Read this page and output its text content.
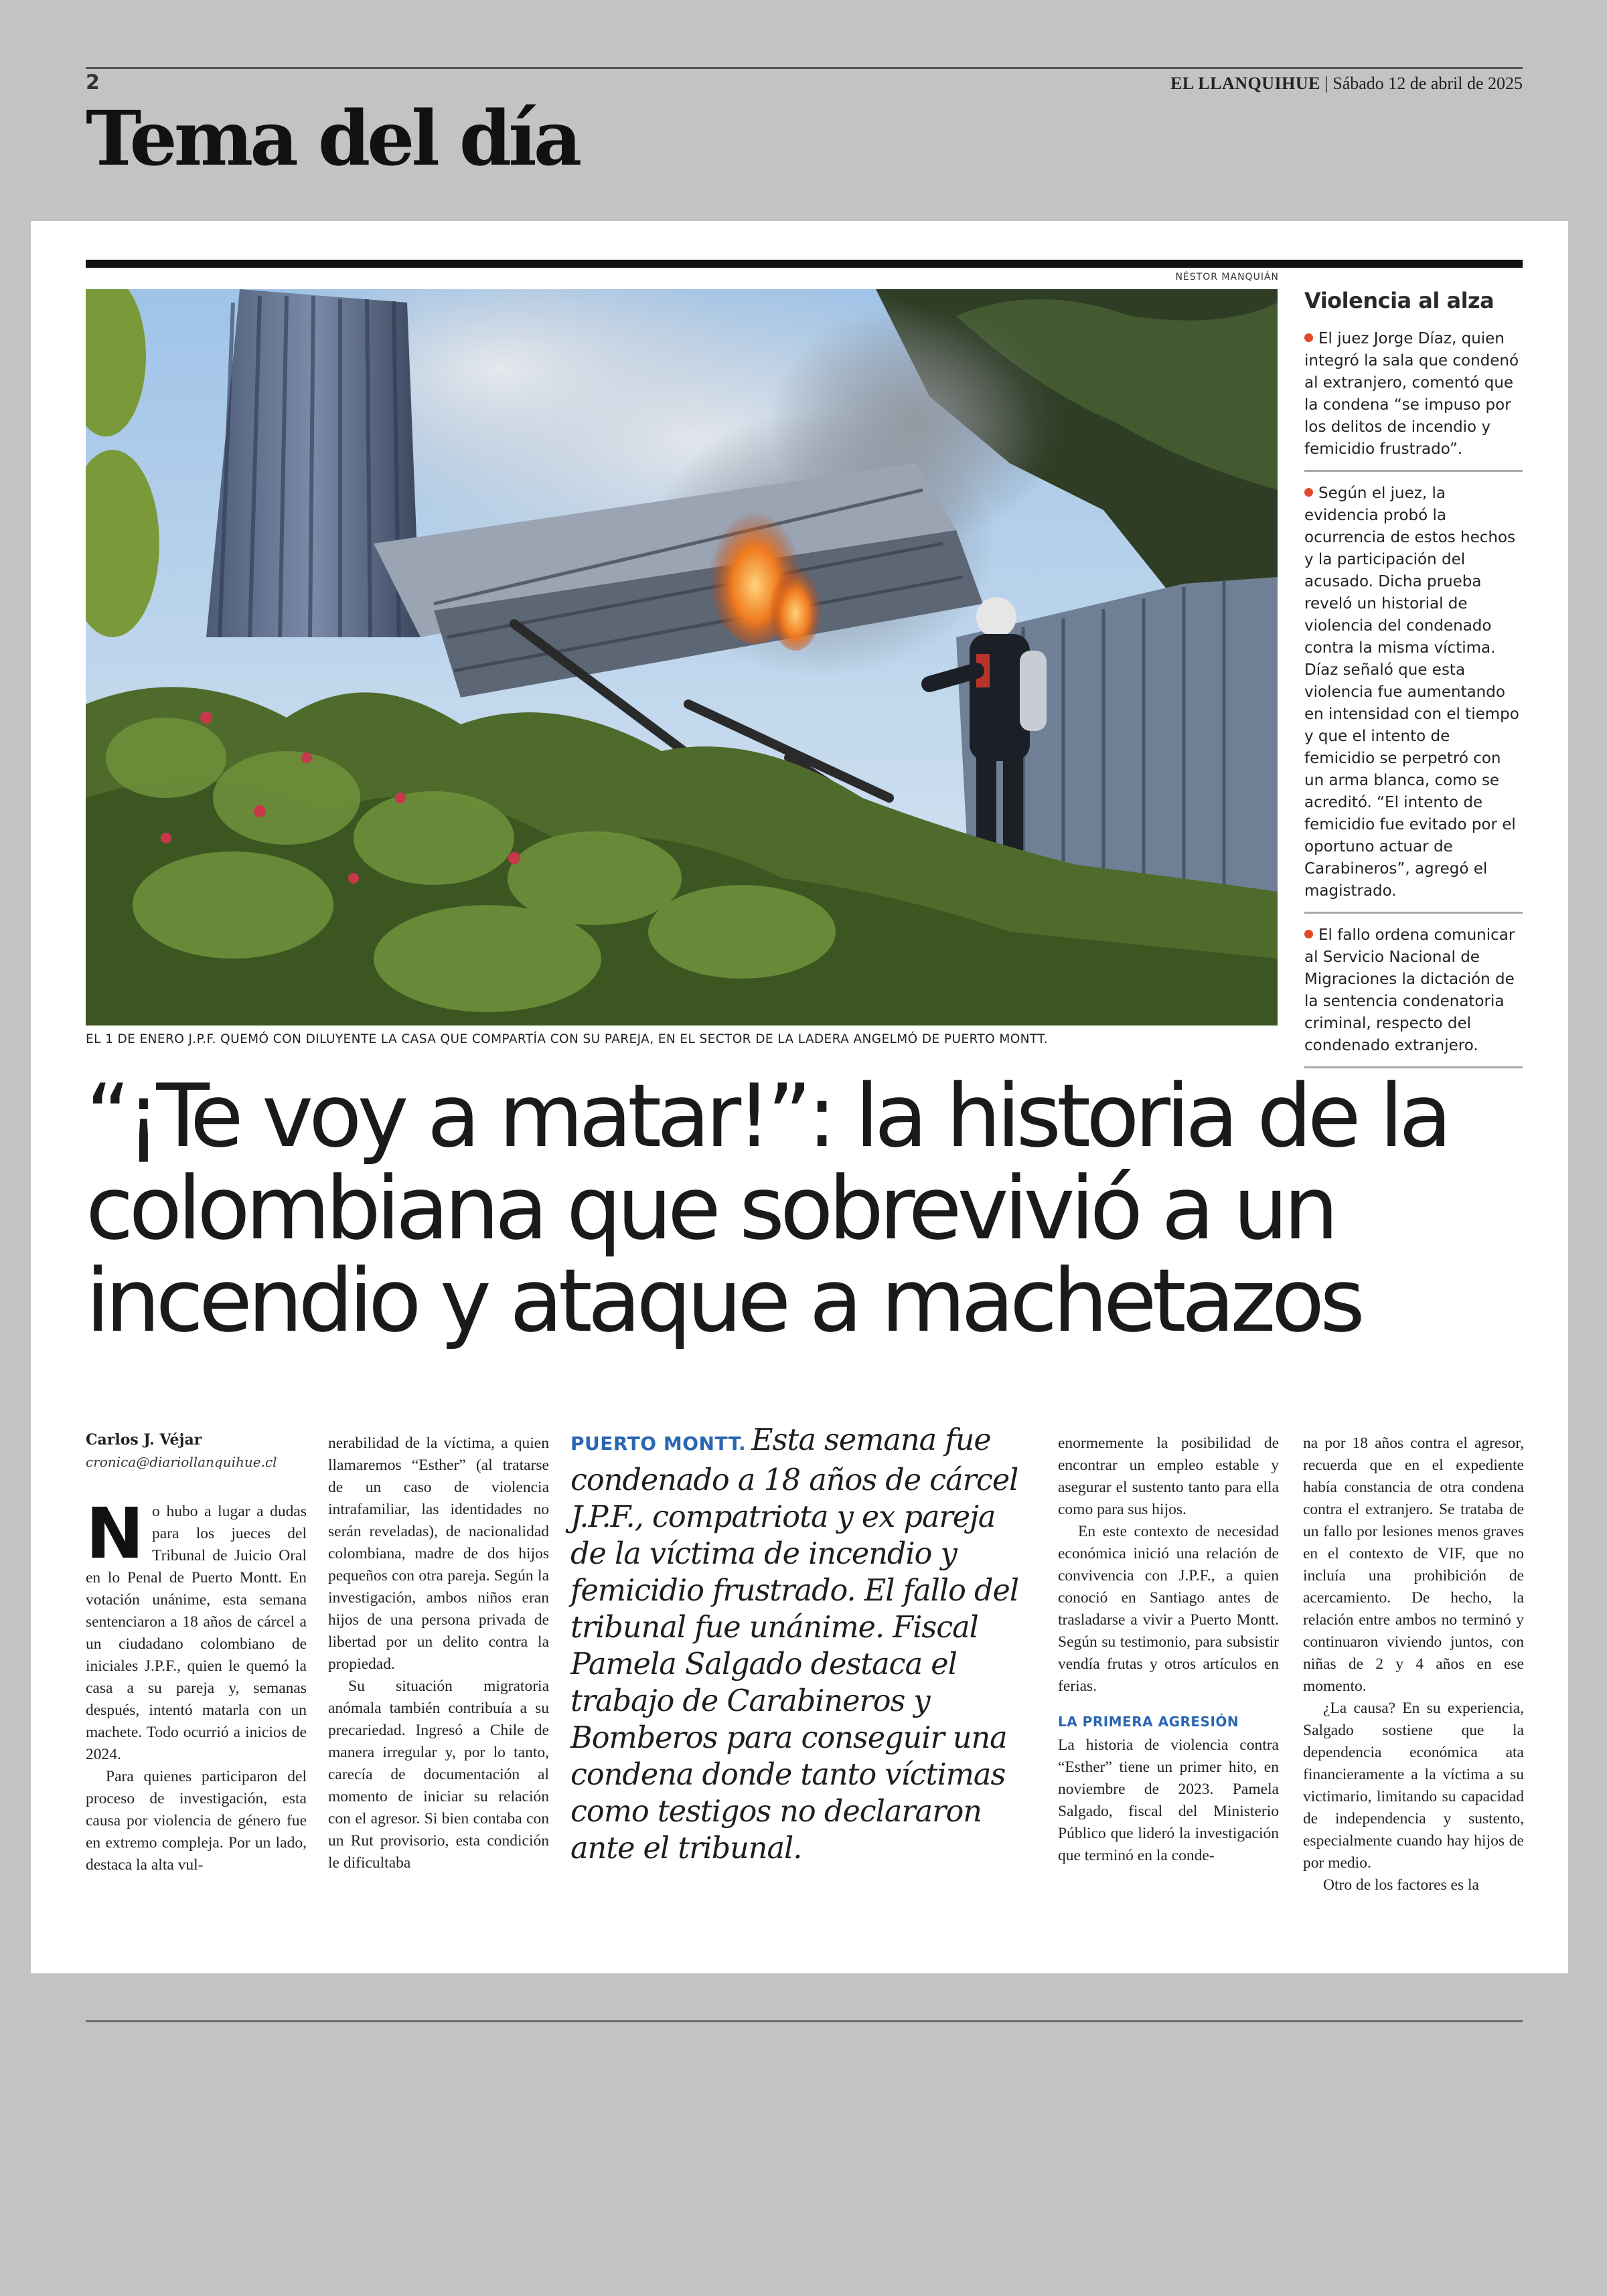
2	EL LLANQUIHUE | Sábado 12 de abril de 2025
Tema del día
NÉSTOR MANQUIÁN
EL 1 DE ENERO J.P.F. QUEMÓ CON DILUYENTE LA CASA QUE COMPARTÍA CON SU PAREJA, EN EL SECTOR DE LA LADERA ANGELMÓ DE PUERTO MONTT.
Violencia al alza
El juez Jorge Díaz, quien integró la sala que condenó al extranjero, comentó que la condena “se impuso por los delitos de incendio y femicidio frustrado”.
Según el juez, la evidencia probó la ocurrencia de estos hechos y la participación del acusado. Dicha prueba reveló un historial de violencia del condenado contra la misma víctima. Díaz señaló que esta violencia fue aumentando en intensidad con el tiempo y que el intento de femicidio se perpetró con un arma blanca, como se acreditó. “El intento de femicidio fue evitado por el oportuno actuar de Carabineros”, agregó el magistrado.
El fallo ordena comunicar al Servicio Nacional de Migraciones la dictación de la sentencia condenatoria criminal, respecto del condenado extranjero.
“¡Te voy a matar!”: la historia de la colombiana que sobrevivió a un incendio y ataque a machetazos
Carlos J. Véjar
cronica@diariollanquihue.cl

No hubo a lugar a dudas para los jueces del Tribunal de Juicio Oral en lo Penal de Puerto Montt. En votación unánime, esta semana sentenciaron a 18 años de cárcel a un ciudadano colombiano de iniciales J.P.F., quien le quemó la casa a su pareja y, semanas después, intentó matarla con un machete. Todo ocurrió a inicios de 2024.

Para quienes participaron del proceso de investigación, esta causa por violencia de género fue en extremo compleja. Por un lado, destaca la alta vul-

nerabilidad de la víctima, a quien llamaremos “Esther” (al tratarse de un caso de violencia intrafamiliar, las identidades no serán reveladas), de nacionalidad colombiana, madre de dos hijos pequeños con otra pareja. Según la investigación, ambos niños eran hijos de una persona privada de libertad por un delito contra la propiedad.

Su situación migratoria anómala también contribuía a su precariedad. Ingresó a Chile de manera irregular y, por lo tanto, carecía de documentación al momento de iniciar su relación con el agresor. Si bien contaba con un Rut provisorio, esta condición le dificultaba

PUERTO MONTT. Esta semana fue condenado a 18 años de cárcel J.P.F., compatriota y ex pareja de la víctima de incendio y femicidio frustrado. El fallo del tribunal fue unánime. Fiscal Pamela Salgado destaca el trabajo de Carabineros y Bomberos para conseguir una condena donde tanto víctimas como testigos no declararon ante el tribunal.

enormemente la posibilidad de encontrar un empleo estable y asegurar el sustento tanto para ella como para sus hijos.

En este contexto de necesidad económica inició una relación de convivencia con J.P.F., a quien conoció en Santiago antes de trasladarse a vivir a Puerto Montt. Según su testimonio, para subsistir vendía frutas y otros artículos en ferias.

LA PRIMERA AGRESIÓN

La historia de violencia contra “Esther” tiene un primer hito, en noviembre de 2023. Pamela Salgado, fiscal del Ministerio Público que lideró la investigación que terminó en la conde-

na por 18 años contra el agresor, recuerda que en el expediente había constancia de otra condena contra el extranjero. Se trataba de un fallo por lesiones menos graves en el contexto de VIF, que no incluía una prohibición de acercamiento. De hecho, la relación entre ambos no terminó y continuaron viviendo juntos, con niñas de 2 y 4 años en ese momento.

¿La causa? En su experiencia, Salgado sostiene que la dependencia económica ata financieramente a la víctima a su victimario, limitando su capacidad de independencia y sustento, especialmente cuando hay hijos de por medio.

Otro de los factores es la
